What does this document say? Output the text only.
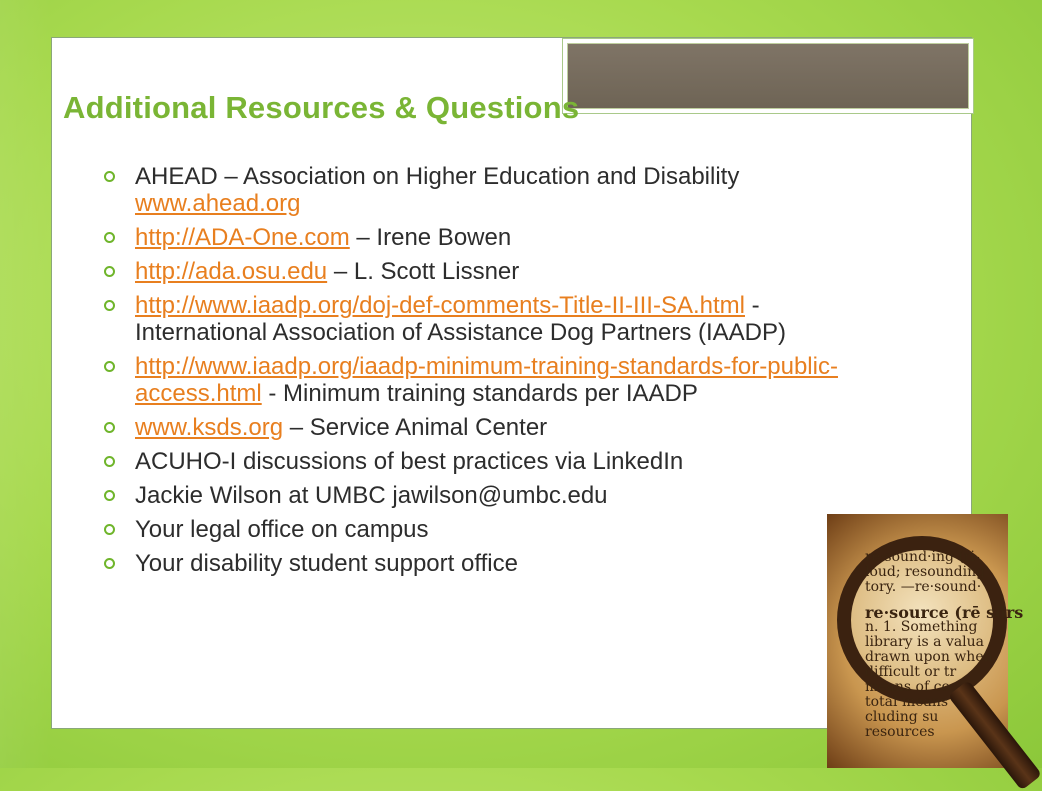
Additional Resources & Questions
AHEAD – Association on Higher Education and Disability www.ahead.org
http://ADA-One.com – Irene Bowen
http://ada.osu.edu – L. Scott Lissner
http://www.iaadp.org/doj-def-comments-Title-II-III-SA.html - International Association of Assistance Dog Partners (IAADP)
http://www.iaadp.org/iaadp-minimum-training-standards-for-public-access.html - Minimum training standards per IAADP
www.ksds.org – Service Animal Center
ACUHO-I discussions of best practices via LinkedIn
Jackie Wilson at UMBC jawilson@umbc.edu
Your legal office on campus
Your disability student support office	re·sound·ing (ri-
loud; resounding
tory. —re·sound·
re·source (rē sōrs
n. 1. Something
library is a valua
drawn upon when
difficult or tr
means of co
total means
cluding su
resources
